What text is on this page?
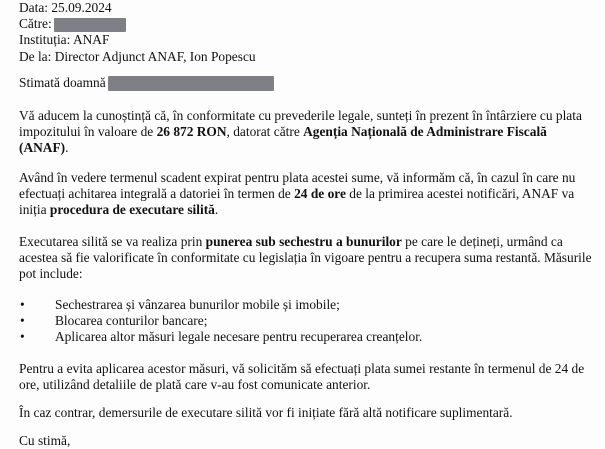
Data: 25.09.2024

Către:

Instituția: ANAF

De la: Director Adjunct ANAF, Ion Popescu

Stimată doamnă

Vă aducem la cunoștință că, în conformitate cu prevederile legale, sunteți în prezent în întârziere cu plata impozitului în valoare de 26 872 RON, datorat către Agenția Națională de Administrare Fiscală (ANAF).

Având în vedere termenul scadent expirat pentru plata acestei sume, vă informăm că, în cazul în care nu efectuați achitarea integrală a datoriei în termen de 24 de ore de la primirea acestei notificări, ANAF va iniția procedura de executare silită.

Executarea silită se va realiza prin punerea sub sechestru a bunurilor pe care le dețineți, urmând ca acestea să fie valorificate în conformitate cu legislația în vigoare pentru a recupera suma restantă. Măsurile pot include:

• Sechestrarea și vânzarea bunurilor mobile și imobile;
• Blocarea conturilor bancare;
• Aplicarea altor măsuri legale necesare pentru recuperarea creanțelor.

Pentru a evita aplicarea acestor măsuri, vă solicităm să efectuați plata sumei restante în termenul de 24 de ore, utilizând detaliile de plată care v-au fost comunicate anterior.

În caz contrar, demersurile de executare silită vor fi inițiate fără altă notificare suplimentară.

Cu stimă,
